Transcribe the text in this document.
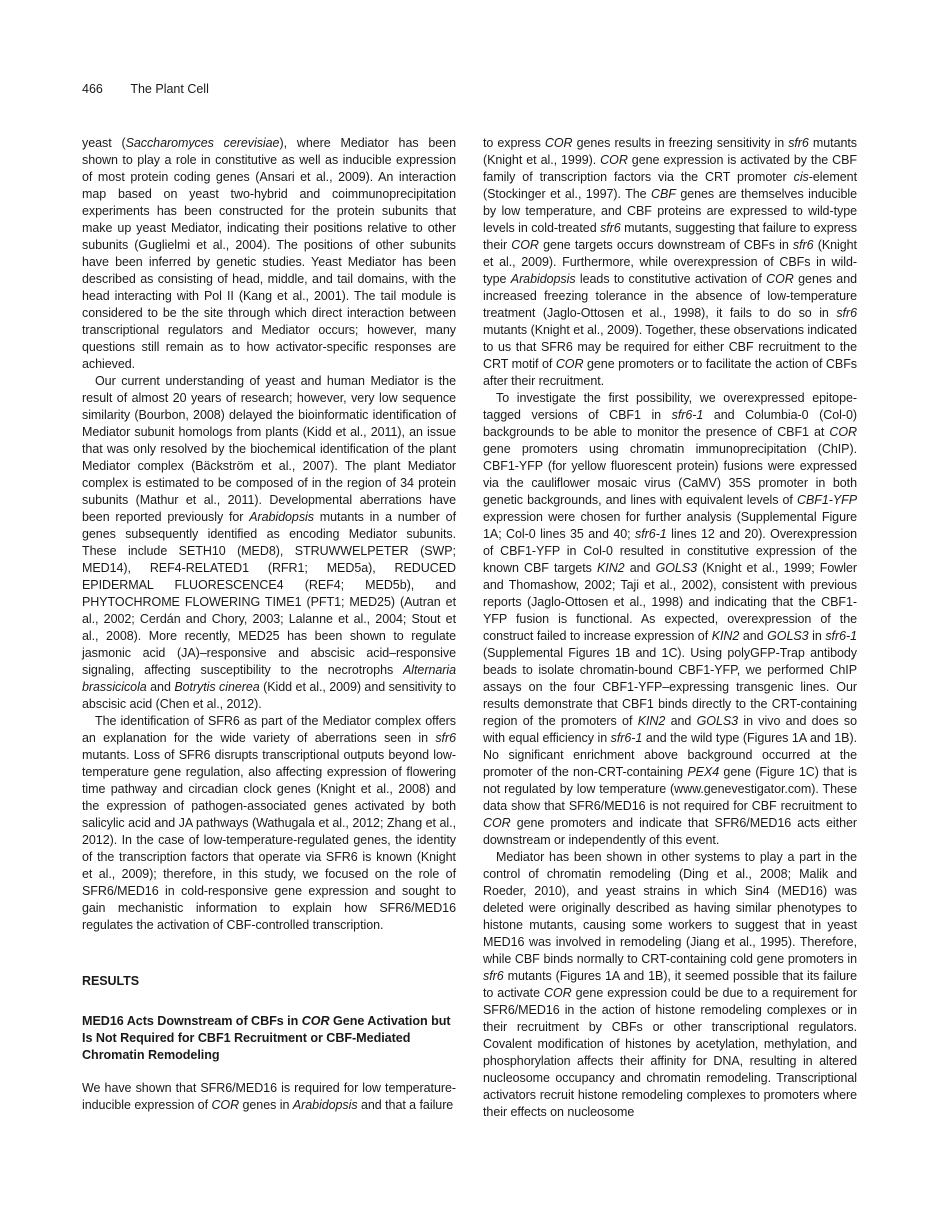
466 The Plant Cell

yeast (Saccharomyces cerevisiae), where Mediator has been shown to play a role in constitutive as well as inducible expression of most protein coding genes (Ansari et al., 2009). An interaction map based on yeast two-hybrid and coimmunoprecipitation experiments has been constructed for the protein subunits that make up yeast Mediator, indicating their positions relative to other subunits (Guglielmi et al., 2004). The positions of other subunits have been inferred by genetic studies. Yeast Mediator has been described as consisting of head, middle, and tail domains, with the head interacting with Pol II (Kang et al., 2001). The tail module is considered to be the site through which direct interaction between transcriptional regulators and Mediator occurs; however, many questions still remain as to how activator-specific responses are achieved.

Our current understanding of yeast and human Mediator is the result of almost 20 years of research; however, very low sequence similarity (Bourbon, 2008) delayed the bioinformatic identification of Mediator subunit homologs from plants (Kidd et al., 2011), an issue that was only resolved by the biochemical identification of the plant Mediator complex (Bäckström et al., 2007). The plant Mediator complex is estimated to be composed of in the region of 34 protein subunits (Mathur et al., 2011). Developmental aberrations have been reported previously for Arabidopsis mutants in a number of genes subsequently identified as encoding Mediator subunits. These include SETH10 (MED8), STRUWWELPETER (SWP; MED14), REF4-RELATED1 (RFR1; MED5a), REDUCED EPIDERMAL FLUORESCENCE4 (REF4; MED5b), and PHYTOCHROME FLOWERING TIME1 (PFT1; MED25) (Autran et al., 2002; Cerdán and Chory, 2003; Lalanne et al., 2004; Stout et al., 2008). More recently, MED25 has been shown to regulate jasmonic acid (JA)–responsive and abscisic acid–responsive signaling, affecting susceptibility to the necrotrophs Alternaria brassicicola and Botrytis cinerea (Kidd et al., 2009) and sensitivity to abscisic acid (Chen et al., 2012).

The identification of SFR6 as part of the Mediator complex offers an explanation for the wide variety of aberrations seen in sfr6 mutants. Loss of SFR6 disrupts transcriptional outputs beyond low-temperature gene regulation, also affecting expression of flowering time pathway and circadian clock genes (Knight et al., 2008) and the expression of pathogen-associated genes activated by both salicylic acid and JA pathways (Wathugala et al., 2012; Zhang et al., 2012). In the case of low-temperature-regulated genes, the identity of the transcription factors that operate via SFR6 is known (Knight et al., 2009); therefore, in this study, we focused on the role of SFR6/MED16 in cold-responsive gene expression and sought to gain mechanistic information to explain how SFR6/MED16 regulates the activation of CBF-controlled transcription.

RESULTS
MED16 Acts Downstream of CBFs in COR Gene Activation but Is Not Required for CBF1 Recruitment or CBF-Mediated Chromatin Remodeling

We have shown that SFR6/MED16 is required for low temperature-inducible expression of COR genes in Arabidopsis and that a failure

to express COR genes results in freezing sensitivity in sfr6 mutants (Knight et al., 1999). COR gene expression is activated by the CBF family of transcription factors via the CRT promoter cis-element (Stockinger et al., 1997). The CBF genes are themselves inducible by low temperature, and CBF proteins are expressed to wild-type levels in cold-treated sfr6 mutants, suggesting that failure to express their COR gene targets occurs downstream of CBFs in sfr6 (Knight et al., 2009). Furthermore, while overexpression of CBFs in wild-type Arabidopsis leads to constitutive activation of COR genes and increased freezing tolerance in the absence of low-temperature treatment (Jaglo-Ottosen et al., 1998), it fails to do so in sfr6 mutants (Knight et al., 2009). Together, these observations indicated to us that SFR6 may be required for either CBF recruitment to the CRT motif of COR gene promoters or to facilitate the action of CBFs after their recruitment.

To investigate the first possibility, we overexpressed epitope-tagged versions of CBF1 in sfr6-1 and Columbia-0 (Col-0) backgrounds to be able to monitor the presence of CBF1 at COR gene promoters using chromatin immunoprecipitation (ChIP). CBF1-YFP (for yellow fluorescent protein) fusions were expressed via the cauliflower mosaic virus (CaMV) 35S promoter in both genetic backgrounds, and lines with equivalent levels of CBF1-YFP expression were chosen for further analysis (Supplemental Figure 1A; Col-0 lines 35 and 40; sfr6-1 lines 12 and 20). Overexpression of CBF1-YFP in Col-0 resulted in constitutive expression of the known CBF targets KIN2 and GOLS3 (Knight et al., 1999; Fowler and Thomashow, 2002; Taji et al., 2002), consistent with previous reports (Jaglo-Ottosen et al., 1998) and indicating that the CBF1-YFP fusion is functional. As expected, overexpression of the construct failed to increase expression of KIN2 and GOLS3 in sfr6-1 (Supplemental Figures 1B and 1C). Using polyGFP-Trap antibody beads to isolate chromatin-bound CBF1-YFP, we performed ChIP assays on the four CBF1-YFP–expressing transgenic lines. Our results demonstrate that CBF1 binds directly to the CRT-containing region of the promoters of KIN2 and GOLS3 in vivo and does so with equal efficiency in sfr6-1 and the wild type (Figures 1A and 1B). No significant enrichment above background occurred at the promoter of the non-CRT-containing PEX4 gene (Figure 1C) that is not regulated by low temperature (www.genevestigator.com). These data show that SFR6/MED16 is not required for CBF recruitment to COR gene promoters and indicate that SFR6/MED16 acts either downstream or independently of this event.

Mediator has been shown in other systems to play a part in the control of chromatin remodeling (Ding et al., 2008; Malik and Roeder, 2010), and yeast strains in which Sin4 (MED16) was deleted were originally described as having similar phenotypes to histone mutants, causing some workers to suggest that in yeast MED16 was involved in remodeling (Jiang et al., 1995). Therefore, while CBF binds normally to CRT-containing cold gene promoters in sfr6 mutants (Figures 1A and 1B), it seemed possible that its failure to activate COR gene expression could be due to a requirement for SFR6/MED16 in the action of histone remodeling complexes or in their recruitment by CBFs or other transcriptional regulators. Covalent modification of histones by acetylation, methylation, and phosphorylation affects their affinity for DNA, resulting in altered nucleosome occupancy and chromatin remodeling. Transcriptional activators recruit histone remodeling complexes to promoters where their effects on nucleosome
